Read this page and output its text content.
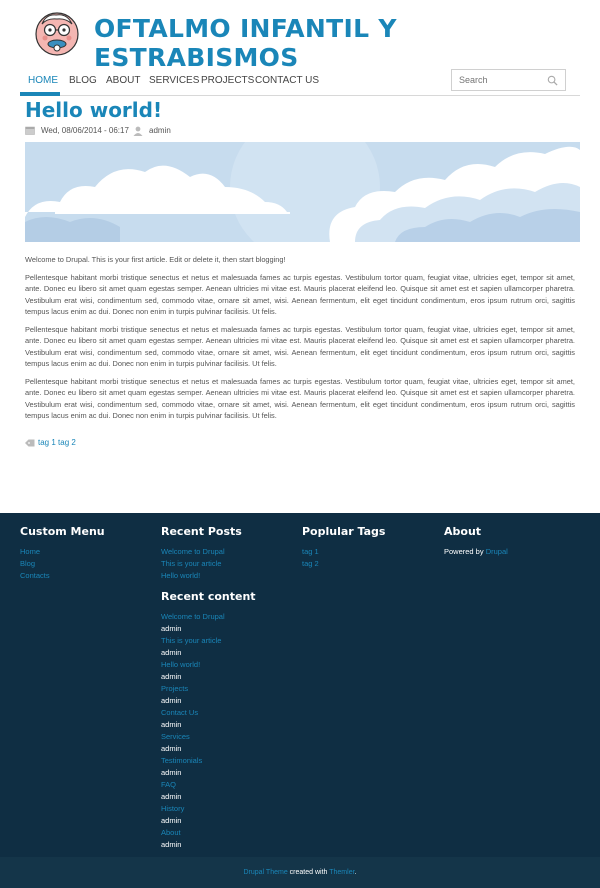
OFTALMO INFANTIL Y ESTRABISMOS
HOME BLOG ABOUT SERVICES PROJECTS CONTACT US
Search
Hello world!
Wed, 08/06/2014 - 06:17	admin

Welcome to Drupal. This is your first article. Edit or delete it, then start blogging!

Pellentesque habitant morbi tristique senectus et netus et malesuada fames ac turpis egestas. Vestibulum tortor quam, feugiat vitae, ultricies eget, tempor sit amet, ante. Donec eu libero sit amet quam egestas semper. Aenean ultricies mi vitae est. Mauris placerat eleifend leo. Quisque sit amet est et sapien ullamcorper pharetra. Vestibulum erat wisi, condimentum sed, commodo vitae, ornare sit amet, wisi. Aenean fermentum, elit eget tincidunt condimentum, eros ipsum rutrum orci, sagittis tempus lacus enim ac dui. Donec non enim in turpis pulvinar facilisis. Ut felis.

Pellentesque habitant morbi tristique senectus et netus et malesuada fames ac turpis egestas. Vestibulum tortor quam, feugiat vitae, ultricies eget, tempor sit amet, ante. Donec eu libero sit amet quam egestas semper. Aenean ultricies mi vitae est. Mauris placerat eleifend leo. Quisque sit amet est et sapien ullamcorper pharetra. Vestibulum erat wisi, condimentum sed, commodo vitae, ornare sit amet, wisi. Aenean fermentum, elit eget tincidunt condimentum, eros ipsum rutrum orci, sagittis tempus lacus enim ac dui. Donec non enim in turpis pulvinar facilisis. Ut felis.

Pellentesque habitant morbi tristique senectus et netus et malesuada fames ac turpis egestas. Vestibulum tortor quam, feugiat vitae, ultricies eget, tempor sit amet, ante. Donec eu libero sit amet quam egestas semper. Aenean ultricies mi vitae est. Mauris placerat eleifend leo. Quisque sit amet est et sapien ullamcorper pharetra. Vestibulum erat wisi, condimentum sed, commodo vitae, ornare sit amet, wisi. Aenean fermentum, elit eget tincidunt condimentum, eros ipsum rutrum orci, sagittis tempus lacus enim ac dui. Donec non enim in turpis pulvinar facilisis. Ut felis.

tag 1 tag 2
Custom Menu
Home
Blog
Contacts
Recent Posts
Welcome to Drupal
This is your article
Hello world!
Recent content
Welcome to Drupal
admin
This is your article
admin
Hello world!
admin
Projects
admin
Contact Us
admin
Services
admin
Testimonials
admin
FAQ
admin
History
admin
About
admin
Poplular Tags
tag 1
tag 2
About

Powered by Drupal

Drupal Theme created with Themler.
